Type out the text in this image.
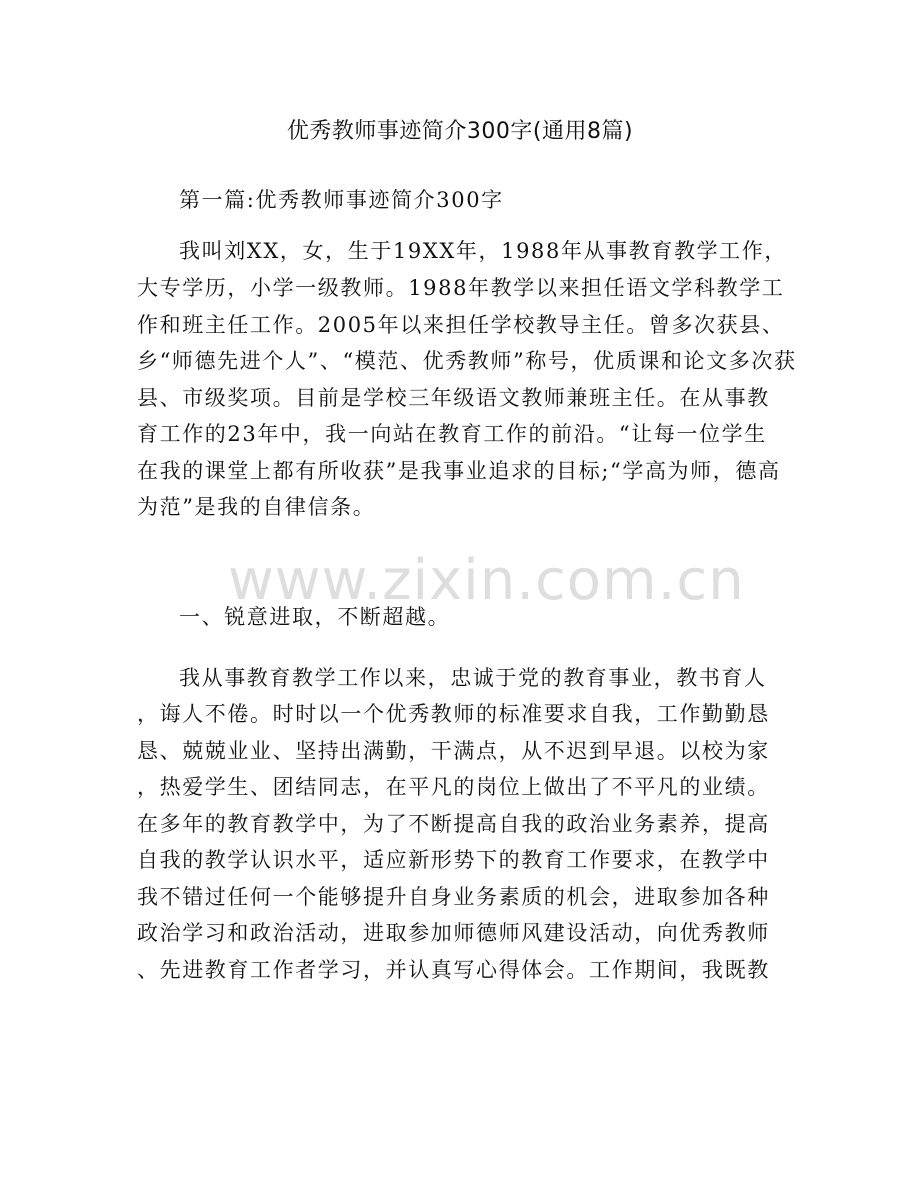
优秀教师事迹简介300字(通用8篇)
第一篇:优秀教师事迹简介300字
我叫刘XX，女，生于19XX年，1988年从事教育教学工作，
大专学历，小学一级教师。1988年教学以来担任语文学科教学工
作和班主任工作。2005年以来担任学校教导主任。曾多次获县、
乡“师德先进个人”、“模范、优秀教师”称号，优质课和论文多次获
县、市级奖项。目前是学校三年级语文教师兼班主任。在从事教
育工作的23年中，我一向站在教育工作的前沿。“让每一位学生
在我的课堂上都有所收获”是我事业追求的目标;“学高为师，德高
为范”是我的自律信条。
一、锐意进取，不断超越。
我从事教育教学工作以来，忠诚于党的教育事业，教书育人
，诲人不倦。时时以一个优秀教师的标准要求自我，工作勤勤恳
恳、兢兢业业、坚持出满勤，干满点，从不迟到早退。以校为家
，热爱学生、团结同志，在平凡的岗位上做出了不平凡的业绩。
在多年的教育教学中，为了不断提高自我的政治业务素养，提高
自我的教学认识水平，适应新形势下的教育工作要求，在教学中
我不错过任何一个能够提升自身业务素质的机会，进取参加各种
政治学习和政治活动，进取参加师德师风建设活动，向优秀教师
、先进教育工作者学习，并认真写心得体会。工作期间，我既教
www.zixin.com.cn
